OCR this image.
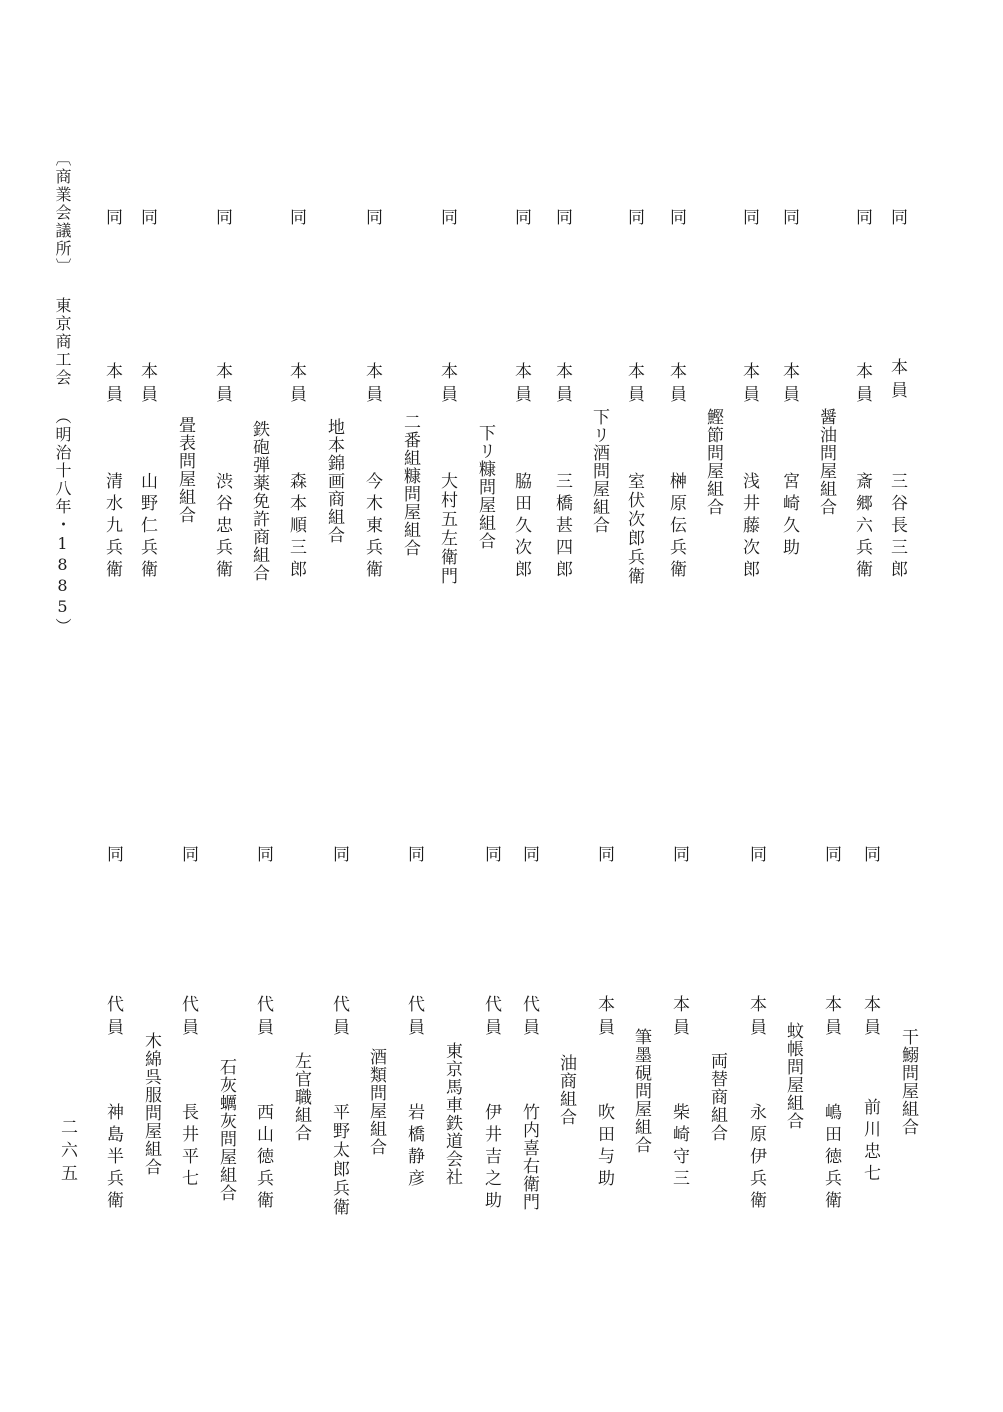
〔商業会議所〕 東京商工会 （明治十八年・1885）
二六五
同
本員
三谷長三郎
同
本員
斎郷六兵衛
醤油問屋組合
同
本員
宮崎久助
同
本員
浅井藤次郎
鰹節問屋組合
同
本員
榊原伝兵衛
同
本員
室伏次郎兵衛
下リ酒問屋組合
同
本員
三橋甚四郎
同
本員
脇田久次郎
下リ糠問屋組合
同
本員
大村五左衛門
二番組糠問屋組合
同
本員
今木東兵衛
地本錦画商組合
同
本員
森本順三郎
鉄砲弾薬免許商組合
同
本員
渋谷忠兵衛
畳表問屋組合
同
本員
山野仁兵衛
同
本員
清水九兵衛
干鰯問屋組合
同
本員
前川忠七
同
本員
嶋田徳兵衛
蚊帳問屋組合
同
本員
永原伊兵衛
両替商組合
同
本員
柴崎守三
筆墨硯問屋組合
同
本員
吹田与助
油商組合
同
代員
竹内喜右衛門
同
代員
伊井吉之助
東京馬車鉄道会社
同
代員
岩橋静彦
酒類問屋組合
同
代員
平野太郎兵衛
左官職組合
同
代員
西山徳兵衛
石灰蠣灰問屋組合
同
代員
長井平七
木綿呉服問屋組合
同
代員
神島半兵衛
